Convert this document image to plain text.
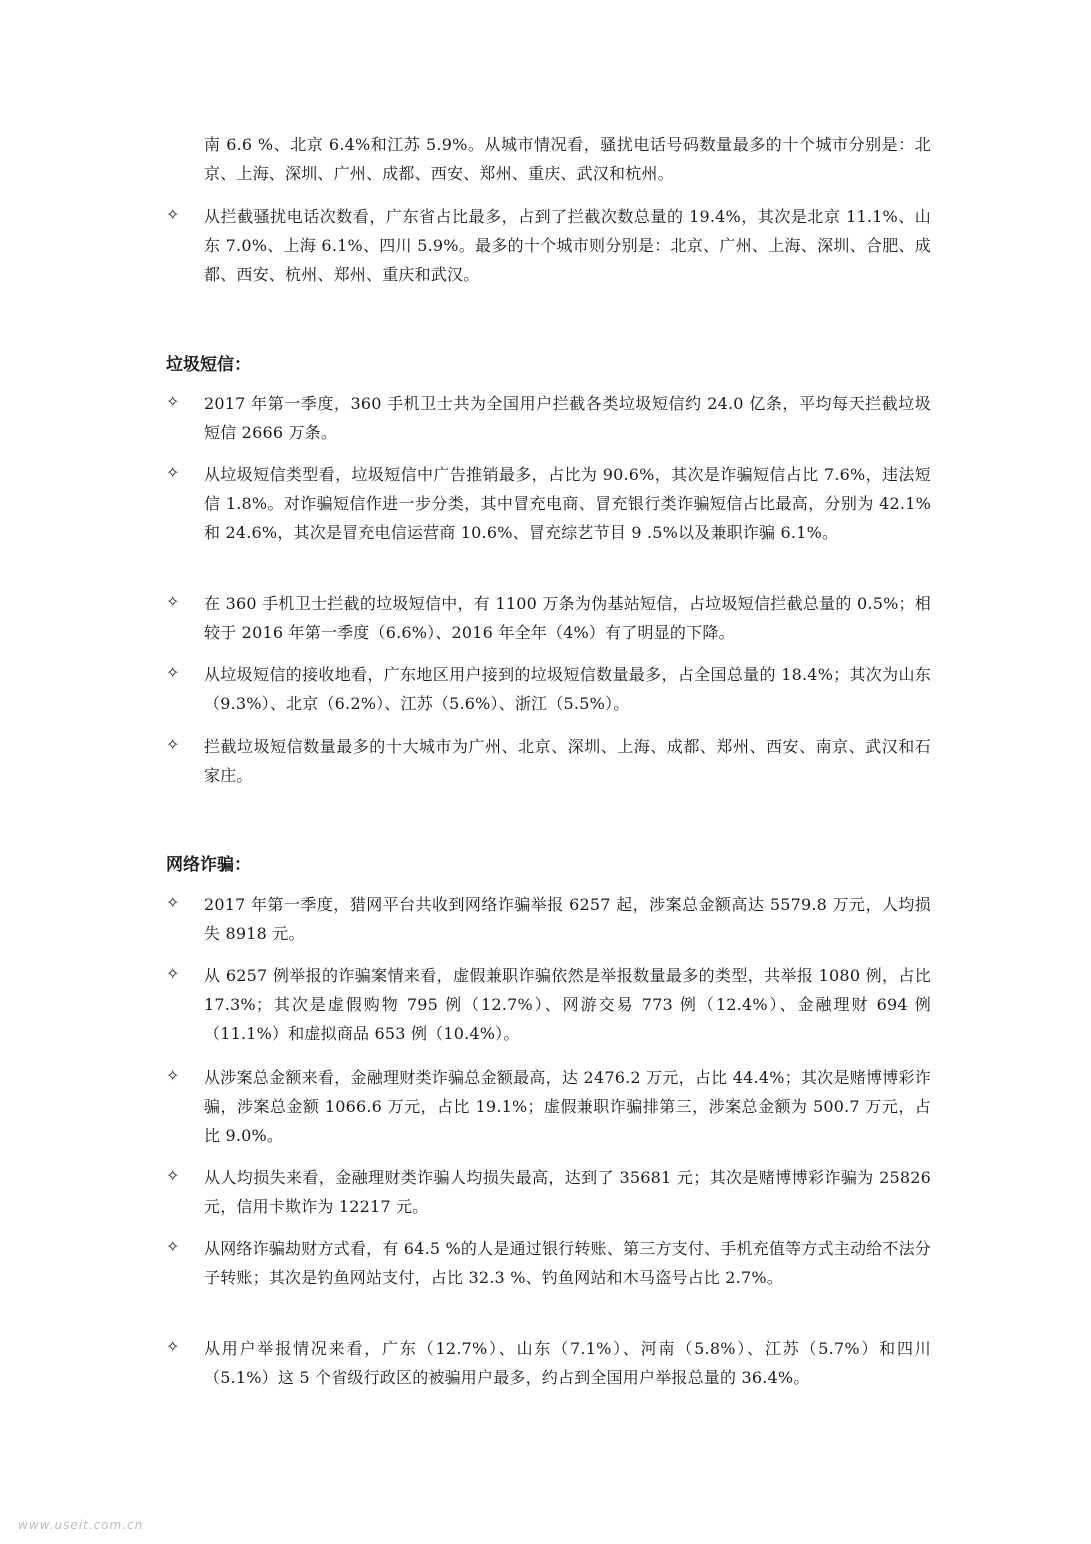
南 6.6 %、北京 6.4%和江苏 5.9%。从城市情况看，骚扰电话号码数量最多的十个城市分别是：北京、上海、深圳、广州、成都、西安、郑州、重庆、武汉和杭州。
✧ 从拦截骚扰电话次数看，广东省占比最多，占到了拦截次数总量的 19.4%，其次是北京 11.1%、山东 7.0%、上海 6.1%、四川 5.9%。最多的十个城市则分别是：北京、广州、上海、深圳、合肥、成都、西安、杭州、郑州、重庆和武汉。
垃圾短信：
✧ 2017 年第一季度，360 手机卫士共为全国用户拦截各类垃圾短信约 24.0 亿条，平均每天拦截垃圾短信 2666 万条。
✧ 从垃圾短信类型看，垃圾短信中广告推销最多，占比为 90.6%，其次是诈骗短信占比 7.6%，违法短信 1.8%。对诈骗短信作进一步分类，其中冒充电商、冒充银行类诈骗短信占比最高，分别为 42.1%和 24.6%，其次是冒充电信运营商 10.6%、冒充综艺节目 9 .5%以及兼职诈骗 6.1%。
✧ 在 360 手机卫士拦截的垃圾短信中，有 1100 万条为伪基站短信，占垃圾短信拦截总量的 0.5%；相较于 2016 年第一季度（6.6%）、2016 年全年（4%）有了明显的下降。
✧ 从垃圾短信的接收地看，广东地区用户接到的垃圾短信数量最多，占全国总量的 18.4%；其次为山东（9.3%）、北京（6.2%）、江苏（5.6%）、浙江（5.5%）。
✧ 拦截垃圾短信数量最多的十大城市为广州、北京、深圳、上海、成都、郑州、西安、南京、武汉和石家庄。
网络诈骗：
✧ 2017 年第一季度，猎网平台共收到网络诈骗举报 6257 起，涉案总金额高达 5579.8 万元，人均损失 8918 元。
✧ 从 6257 例举报的诈骗案情来看，虚假兼职诈骗依然是举报数量最多的类型，共举报 1080 例，占比 17.3%；其次是虚假购物 795 例（12.7%）、网游交易 773 例（12.4%）、金融理财 694 例（11.1%）和虚拟商品 653 例（10.4%）。
✧ 从涉案总金额来看，金融理财类诈骗总金额最高，达 2476.2 万元，占比 44.4%；其次是赌博博彩诈骗，涉案总金额 1066.6 万元，占比 19.1%；虚假兼职诈骗排第三，涉案总金额为 500.7 万元，占比 9.0%。
✧ 从人均损失来看，金融理财类诈骗人均损失最高，达到了 35681 元；其次是赌博博彩诈骗为 25826 元，信用卡欺诈为 12217 元。
✧ 从网络诈骗劫财方式看，有 64.5 %的人是通过银行转账、第三方支付、手机充值等方式主动给不法分子转账；其次是钓鱼网站支付，占比 32.3 %、钓鱼网站和木马盗号占比 2.7%。
✧ 从用户举报情况来看，广东（12.7%）、山东（7.1%）、河南（5.8%）、江苏（5.7%）和四川（5.1%）这 5 个省级行政区的被骗用户最多，约占到全国用户举报总量的 36.4%。
www.useit.com.cn
